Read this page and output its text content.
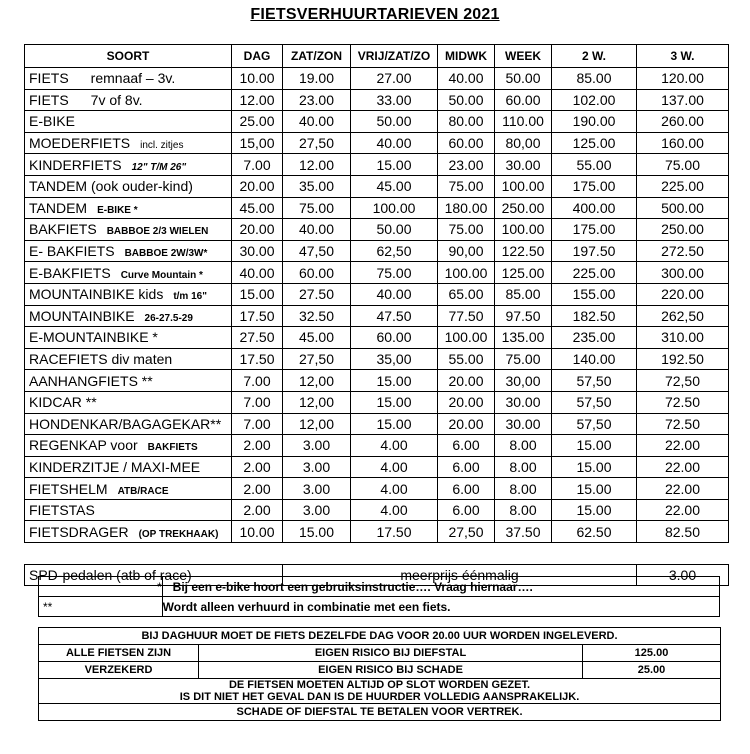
FIETSVERHUURTARIEVEN 2021
SOORT	DAG	ZAT/ZON	VRIJ/ZAT/ZO	MIDWK	WEEK	2 W.	3 W.
FIETS remnaaf – 3v.	10.00	19.00	27.00	40.00	50.00	85.00	120.00
FIETS 7v of 8v.	12.00	23.00	33.00	50.00	60.00	102.00	137.00
E-BIKE	25.00	40.00	50.00	80.00	110.00	190.00	260.00
MOEDERFIETS incl. zitjes	15,00	27,50	40.00	60.00	80,00	125.00	160.00
KINDERFIETS 12" T/M 26"	7.00	12.00	15.00	23.00	30.00	55.00	75.00
TANDEM (ook ouder-kind)	20.00	35.00	45.00	75.00	100.00	175.00	225.00
TANDEM E-BIKE *	45.00	75.00	100.00	180.00	250.00	400.00	500.00
BAKFIETS BABBOE 2/3 WIELEN	20.00	40.00	50.00	75.00	100.00	175.00	250.00
E- BAKFIETS BABBOE 2W/3W*	30.00	47,50	62,50	90,00	122.50	197.50	272.50
E-BAKFIETS Curve Mountain *	40.00	60.00	75.00	100.00	125.00	225.00	300.00
MOUNTAINBIKE kids t/m 16"	15.00	27.50	40.00	65.00	85.00	155.00	220.00
MOUNTAINBIKE 26-27.5-29	17.50	32.50	47.50	77.50	97.50	182.50	262,50
E-MOUNTAINBIKE *	27.50	45.00	60.00	100.00	135.00	235.00	310.00
RACEFIETS div maten	17.50	27,50	35,00	55.00	75.00	140.00	192.50
AANHANGFIETS **	7.00	12,00	15.00	20.00	30,00	57,50	72,50
KIDCAR **	7.00	12,00	15.00	20.00	30.00	57,50	72.50
HONDENKAR/BAGAGEKAR**	7.00	12,00	15.00	20.00	30.00	57,50	72.50
REGENKAP voor BAKFIETS	2.00	3.00	4.00	6.00	8.00	15.00	22.00
KINDERZITJE / MAXI-MEE	2.00	3.00	4.00	6.00	8.00	15.00	22.00
FIETSHELM ATB/RACE	2.00	3.00	4.00	6.00	8.00	15.00	22.00
FIETSTAS	2.00	3.00	4.00	6.00	8.00	15.00	22.00
FIETSDRAGER (OP TREKHAAK)	10.00	15.00	17.50	27,50	37.50	62.50	82.50

SPD-pedalen (atb of race)		meerprijs éénmalig					3.00
*	Bij een e-bike hoort een gebruiksinstructie…. Vraag hiernaar….
**	Wordt alleen verhuurd in combinatie met een fiets.
BIJ DAGHUUR MOET DE FIETS DEZELFDE DAG VOOR 20.00 UUR WORDEN INGELEVERD.		
ALLE FIETSEN ZIJN	EIGEN RISICO BIJ DIEFSTAL	125.00
VERZEKERD	EIGEN RISICO BIJ SCHADE	25.00

DE FIETSEN MOETEN ALTIJD OP SLOT WORDEN GEZET.
IS DIT NIET HET GEVAL DAN IS DE HUURDER VOLLEDIG AANSPRAKELIJK.		

SCHADE OF DIEFSTAL TE BETALEN VOOR VERTREK.		
